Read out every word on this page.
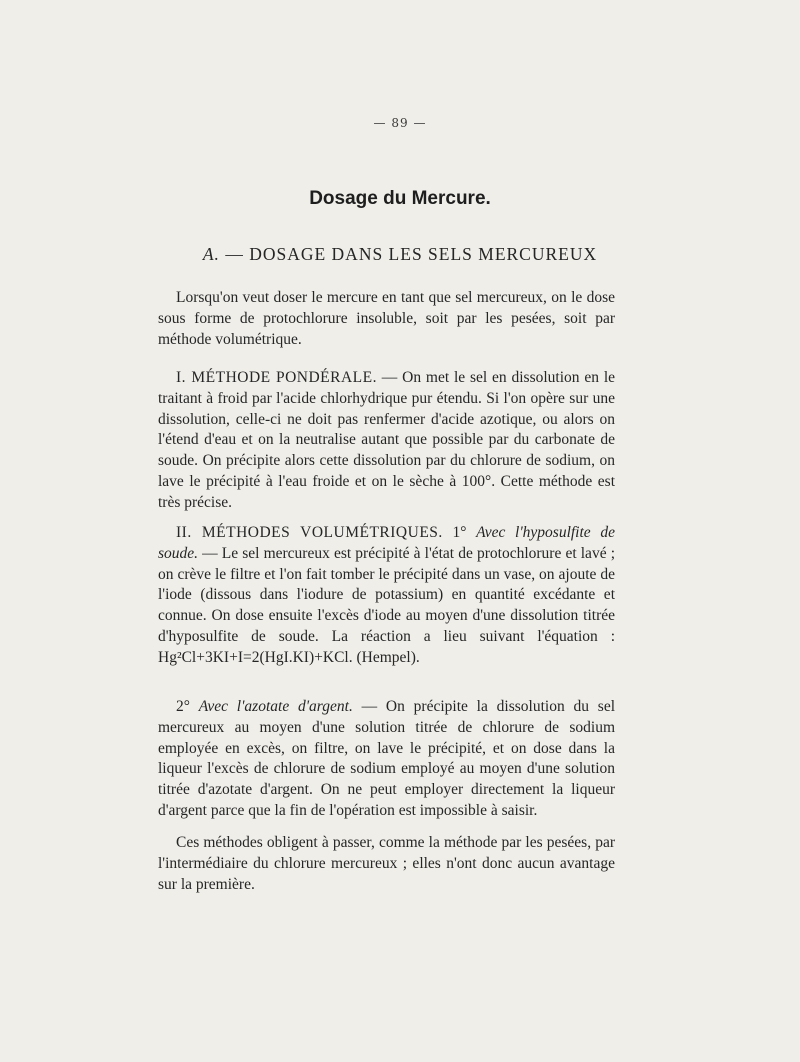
— 89 —
Dosage du Mercure.
A. — DOSAGE DANS LES SELS MERCUREUX

Lorsqu'on veut doser le mercure en tant que sel mercureux, on le dose sous forme de protochlorure insoluble, soit par les pesées, soit par méthode volumétrique.

I. MÉTHODE PONDÉRALE. — On met le sel en dissolution en le traitant à froid par l'acide chlorhydrique pur étendu. Si l'on opère sur une dissolution, celle-ci ne doit pas renfermer d'acide azotique, ou alors on l'étend d'eau et on la neutralise autant que possible par du carbonate de soude. On précipite alors cette dissolution par du chlorure de sodium, on lave le précipité à l'eau froide et on le sèche à 100°. Cette méthode est très précise.

II. MÉTHODES VOLUMÉTRIQUES. 1° Avec l'hyposulfite de soude. — Le sel mercureux est précipité à l'état de protochlorure et lavé ; on crève le filtre et l'on fait tomber le précipité dans un vase, on ajoute de l'iode (dissous dans l'iodure de potassium) en quantité excédante et connue. On dose ensuite l'excès d'iode au moyen d'une dissolution titrée d'hyposulfite de soude. La réaction a lieu suivant l'équation : Hg²Cl+3KI+I=2(HgI.KI)+KCl. (Hempel).

2° Avec l'azotate d'argent. — On précipite la dissolution du sel mercureux au moyen d'une solution titrée de chlorure de sodium employée en excès, on filtre, on lave le précipité, et on dose dans la liqueur l'excès de chlorure de sodium employé au moyen d'une solution titrée d'azotate d'argent. On ne peut employer directement la liqueur d'argent parce que la fin de l'opération est impossible à saisir.

Ces méthodes obligent à passer, comme la méthode par les pesées, par l'intermédiaire du chlorure mercureux ; elles n'ont donc aucun avantage sur la première.
